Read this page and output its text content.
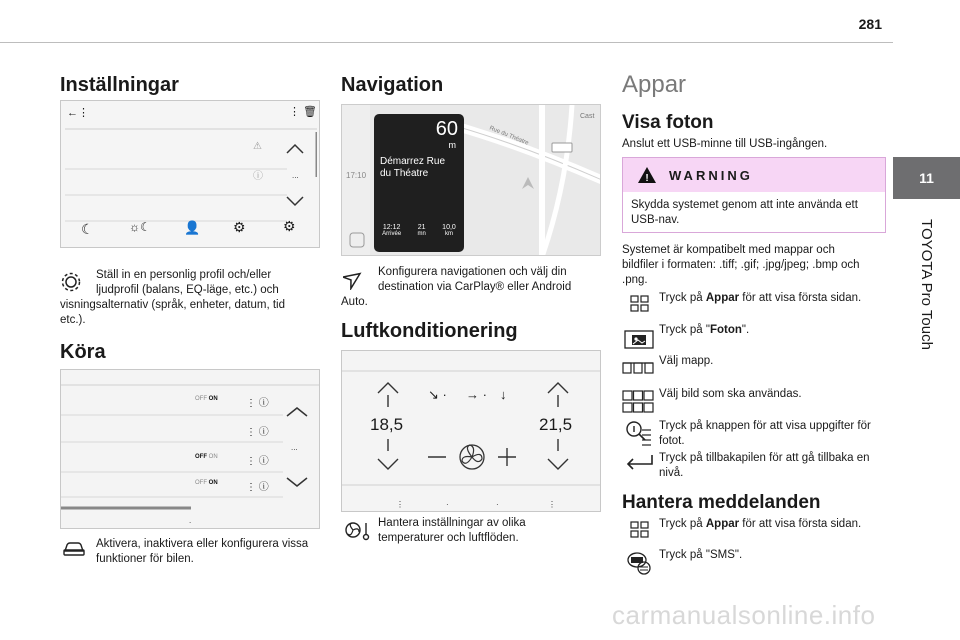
281
11
TOYOTA Pro Touch
Inställningar
...
←⋮	⋮ 🗑
⚠
ⓘ
☾	☼☾	👤 ⚙	⚙
Ställ in en personlig profil och/eller
ljudprofil (balans, EQ-läge, etc.) och
visningsalternativ (språk, enheter, datum, tid
etc.).
Köra
...
.
OFF ON	⋮ ⓘ
⋮ ⓘ
OFF ON	⋮ ⓘ
OFF ON	⋮ ⓘ
Aktivera, inaktivera eller konfigurera vissa
funktioner för bilen.
Navigation
17:10
Rue du Théatre
Cast
60
m
Démarrez Rue
du Théatre
12:12
Arrivée
21
mn
10,0
km
Konfigurera navigationen och välj din
destination via CarPlay® eller Android
Auto.
Luftkonditionering
⋮	·	·	⋮
↘ · → · ↓
18,5	21,5
Hantera inställningar av olika
temperaturer och luftflöden.
Appar
Visa foton
Anslut ett USB-minne till USB-ingången.
! WARNING
Skydda systemet genom att inte använda ett USB-nav.
Systemet är kompatibelt med mappar och
bildfiler i formaten: .tiff; .gif; .jpg/jpeg; .bmp och
.png.
Tryck på Appar för att visa första sidan.
Tryck på "Foton".
Välj mapp.
Välj bild som ska användas.
Tryck på knappen för att visa uppgifter för
fotot.
Tryck på tillbakapilen för att gå tillbaka en
nivå.
Hantera meddelanden
Tryck på Appar för att visa första sidan.
Tryck på "SMS".
carmanualsonline.info
